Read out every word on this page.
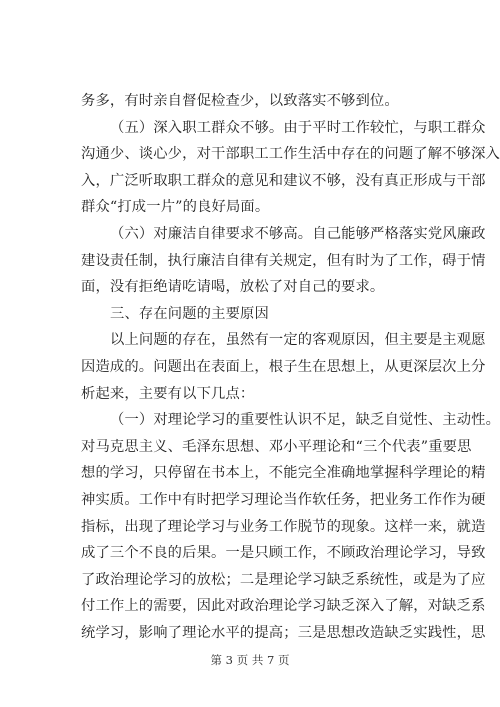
务多，有时亲自督促检查少，以致落实不够到位。
（五）深入职工群众不够。由于平时工作较忙，与职工群众
沟通少、谈心少，对干部职工工作生活中存在的问题了解不够深入
入，广泛听取职工群众的意见和建议不够，没有真正形成与干部
群众“打成一片”的良好局面。
（六）对廉洁自律要求不够高。自己能够严格落实党风廉政
建设责任制，执行廉洁自律有关规定，但有时为了工作，碍于情
面，没有拒绝请吃请喝，放松了对自己的要求。
三、存在问题的主要原因
以上问题的存在，虽然有一定的客观原因，但主要是主观愿
因造成的。问题出在表面上，根子生在思想上，从更深层次上分
析起来，主要有以下几点：
（一）对理论学习的重要性认识不足，缺乏自觉性、主动性。
对马克思主义、毛泽东思想、邓小平理论和“三个代表”重要思
想的学习，只停留在书本上，不能完全准确地掌握科学理论的精
神实质。工作中有时把学习理论当作软任务，把业务工作作为硬
指标，出现了理论学习与业务工作脱节的现象。这样一来，就造
成了三个不良的后果。一是只顾工作，不顾政治理论学习，导致
了政治理论学习的放松；二是理论学习缺乏系统性，或是为了应
付工作上的需要，因此对政治理论学习缺乏深入了解，对缺乏系
统学习，影响了理论水平的提高；三是思想改造缺乏实践性，思

第 3 页 共 7 页
